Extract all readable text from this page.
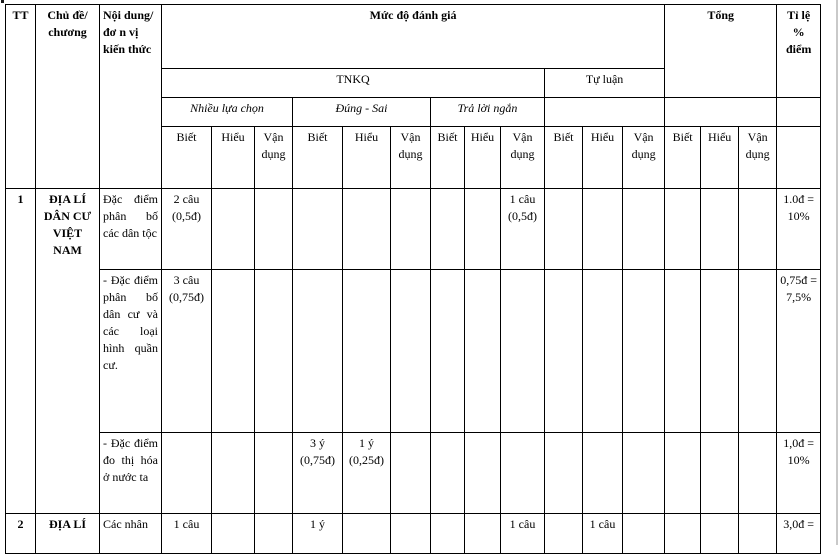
TT	Chủ đề/ chương	Nội dung/đơ n vị kiến thức	Mức độ đánh giá												Tổng			Tỉ lệ % điểm
			TNKQ									Tự luận						
			Nhiều lựa chọn			Đúng - Sai			Trả lời ngắn									
			Biết	Hiểu	Vận dụng	Biết	Hiểu	Vận dụng	Biết	Hiểu	Vận dụng	Biết	Hiểu	Vận dụng	Biết	Hiểu	Vận dụng	
1	ĐỊA LÍ DÂN CƯ VIỆT NAM	Đặc điểm phân bố các dân tộc	2 câu (0,5đ)								1 câu (0,5đ)							1.0đ = 10%
		- Đặc điểm phân bố dân cư và các loại hình quần cư.	3 câu (0,75đ)															0,75đ = 7,5%
		- Đặc điểm đo thị hóa ở nước ta				3 ý (0,75đ)	1 ý (0,25đ)											1,0đ = 10%
2	ĐỊA LÍ	Các nhân	1 câu			1 ý					1 câu		1 câu					3,0đ =
